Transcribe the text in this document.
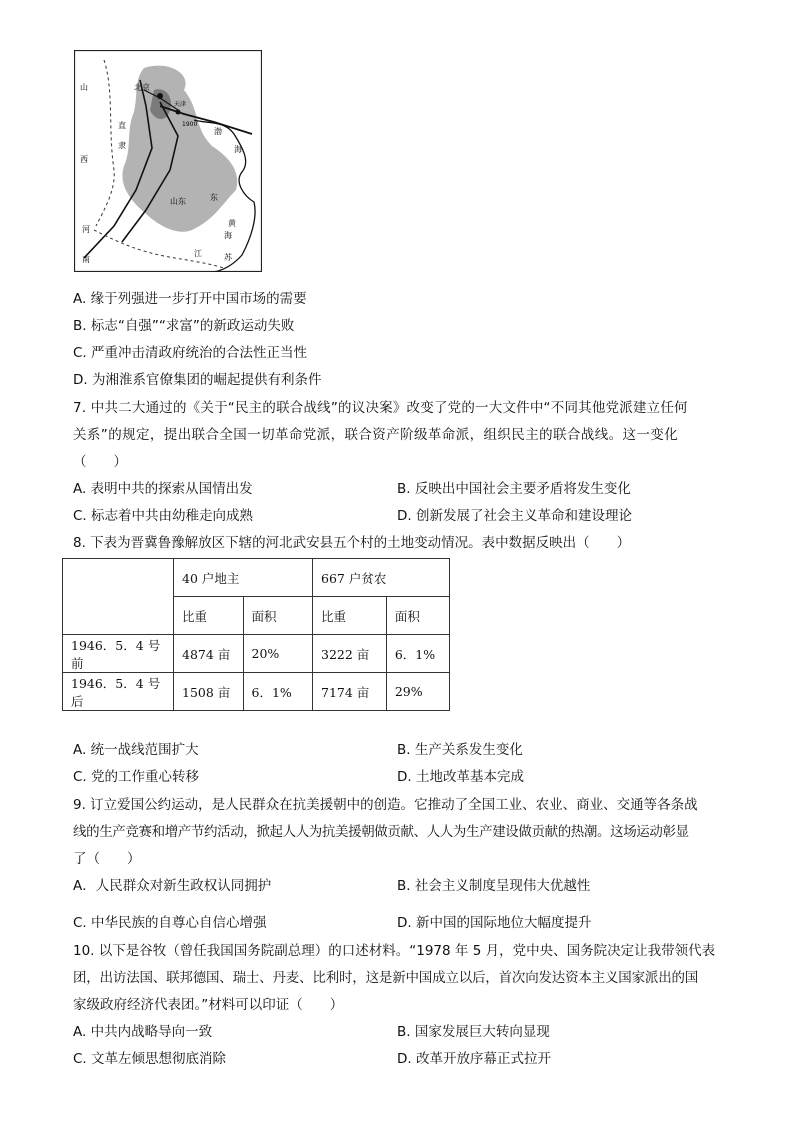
北京
天津
山
西
河
南
江	苏
东
海
1900
直
隶
山东
黄
海
渤
A. 缘于列强进一步打开中国市场的需要
B. 标志“自强”“求富”的新政运动失败
C. 严重冲击清政府统治的合法性正当性
D. 为湘淮系官僚集团的崛起提供有利条件
7. 中共二大通过的《关于“民主的联合战线”的议决案》改变了党的一大文件中“不同其他党派建立任何
关系”的规定，提出联合全国一切革命党派，联合资产阶级革命派，组织民主的联合战线。这一变化
（　　）
A. 表明中共的探索从国情出发	B. 反映出中国社会主要矛盾将发生变化
C. 标志着中共由幼稚走向成熟	D. 创新发展了社会主义革命和建设理论
8. 下表为晋冀鲁豫解放区下辖的河北武安县五个村的土地变动情况。表中数据反映出（　　）
	40 户地主		667 户贫农	
	比重	面积	比重	面积
1946．5．4 号前	4874 亩	20%	3222 亩	6．1%
1946．5．4 号后	1508 亩	6．1%	7174 亩	29%
A. 统一战线范围扩大	B. 生产关系发生变化
C. 党的工作重心转移	D. 土地改革基本完成
9. 订立爱国公约运动，是人民群众在抗美援朝中的创造。它推动了全国工业、农业、商业、交通等各条战
线的生产竞赛和增产节约活动，掀起人人为抗美援朝做贡献、人人为生产建设做贡献的热潮。这场运动彰显
了（　　）
A．人民群众对新生政权认同拥护	B. 社会主义制度呈现伟大优越性
C. 中华民族的自尊心自信心增强	D. 新中国的国际地位大幅度提升
10. 以下是谷牧（曾任我国国务院副总理）的口述材料。“1978 年 5 月，党中央、国务院决定让我带领代表
团，出访法国、联邦德国、瑞士、丹麦、比利时，这是新中国成立以后，首次向发达资本主义国家派出的国
家级政府经济代表团。”材料可以印证（　　）
A. 中共内战略导向一致	B. 国家发展巨大转向显现
C. 文革左倾思想彻底消除	D. 改革开放序幕正式拉开
